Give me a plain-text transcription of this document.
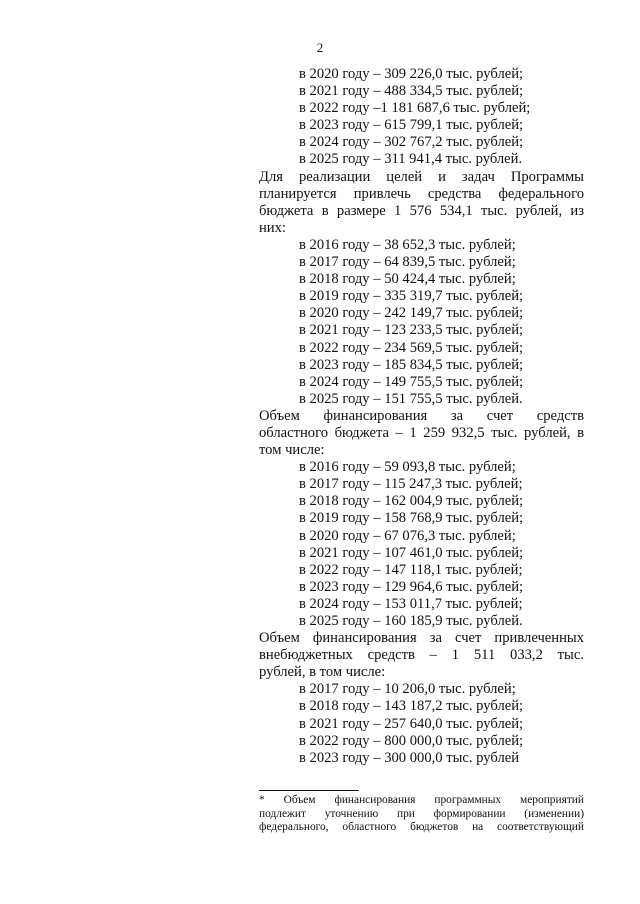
2
в 2020 году – 309 226,0 тыс. рублей;
в 2021 году – 488 334,5 тыс. рублей;
в 2022 году –1 181 687,6 тыс. рублей;
в 2023 году – 615 799,1 тыс. рублей;
в 2024 году – 302 767,2 тыс. рублей;
в 2025 году – 311 941,4 тыс. рублей.
Для реализации целей и задач Программы
планируется привлечь средства федерального
бюджета в размере 1 576 534,1 тыс. рублей, из
них:
в 2016 году – 38 652,3 тыс. рублей;
в 2017 году – 64 839,5 тыс. рублей;
в 2018 году – 50 424,4 тыс. рублей;
в 2019 году – 335 319,7 тыс. рублей;
в 2020 году – 242 149,7 тыс. рублей;
в 2021 году – 123 233,5 тыс. рублей;
в 2022 году – 234 569,5 тыс. рублей;
в 2023 году – 185 834,5 тыс. рублей;
в 2024 году – 149 755,5 тыс. рублей;
в 2025 году – 151 755,5 тыс. рублей.
Объем финансирования за счет средств
областного бюджета – 1 259 932,5 тыс. рублей, в
том числе:
в 2016 году – 59 093,8 тыс. рублей;
в 2017 году – 115 247,3 тыс. рублей;
в 2018 году – 162 004,9 тыс. рублей;
в 2019 году – 158 768,9 тыс. рублей;
в 2020 году – 67 076,3 тыс. рублей;
в 2021 году – 107 461,0 тыс. рублей;
в 2022 году – 147 118,1 тыс. рублей;
в 2023 году – 129 964,6 тыс. рублей;
в 2024 году – 153 011,7 тыс. рублей;
в 2025 году – 160 185,9 тыс. рублей.
Объем финансирования за счет привлеченных
внебюджетных средств – 1 511 033,2 тыс.
рублей, в том числе:
в 2017 году – 10 206,0 тыс. рублей;
в 2018 году – 143 187,2 тыс. рублей;
в 2021 году – 257 640,0 тыс. рублей;
в 2022 году – 800 000,0 тыс. рублей;
в 2023 году – 300 000,0 тыс. рублей
* Объем финансирования программных мероприятий
подлежит уточнению при формировании (изменении)
федерального, областного бюджетов на соответствующий
